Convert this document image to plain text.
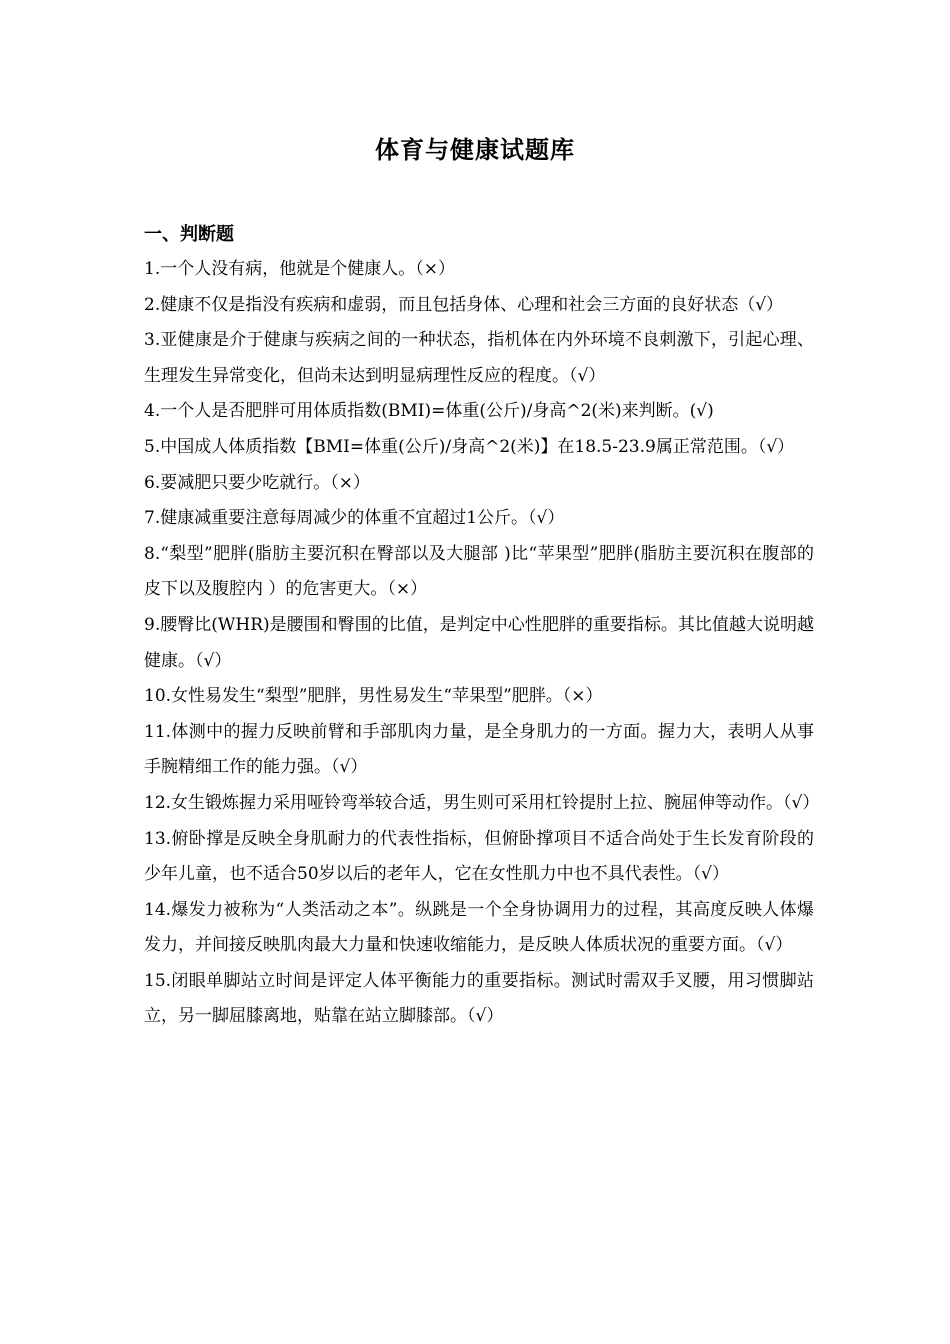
体育与健康试题库
一、判断题
1.一个人没有病，他就是个健康人。（×）
2.健康不仅是指没有疾病和虚弱，而且包括身体、心理和社会三方面的良好状态（√）
3.亚健康是介于健康与疾病之间的一种状态，指机体在内外环境不良刺激下，引起心理、生理发生异常变化，但尚未达到明显病理性反应的程度。（√）
4.一个人是否肥胖可用体质指数(BMI)=体重(公斤)/身高^2(米)来判断。(√)
5.中国成人体质指数【BMI=体重(公斤)/身高^2(米)】在18.5-23.9属正常范围。（√）
6.要减肥只要少吃就行。（×）
7.健康减重要注意每周减少的体重不宜超过1公斤。（√）
8.“梨型”肥胖(脂肪主要沉积在臀部以及大腿部 )比“苹果型”肥胖(脂肪主要沉积在腹部的皮下以及腹腔内 ）的危害更大。（×）
9.腰臀比(WHR)是腰围和臀围的比值，是判定中心性肥胖的重要指标。其比值越大说明越健康。（√）
10.女性易发生“梨型”肥胖，男性易发生“苹果型”肥胖。（×）
11.体测中的握力反映前臂和手部肌肉力量，是全身肌力的一方面。握力大，表明人从事手腕精细工作的能力强。（√）
12.女生锻炼握力采用哑铃弯举较合适，男生则可采用杠铃提肘上拉、腕屈伸等动作。（√）
13.俯卧撑是反映全身肌耐力的代表性指标，但俯卧撑项目不适合尚处于生长发育阶段的少年儿童，也不适合50岁以后的老年人，它在女性肌力中也不具代表性。（√）
14.爆发力被称为“人类活动之本”。纵跳是一个全身协调用力的过程，其高度反映人体爆发力，并间接反映肌肉最大力量和快速收缩能力，是反映人体质状况的重要方面。（√）
15.闭眼单脚站立时间是评定人体平衡能力的重要指标。测试时需双手叉腰，用习惯脚站立，另一脚屈膝离地，贴靠在站立脚膝部。（√）
